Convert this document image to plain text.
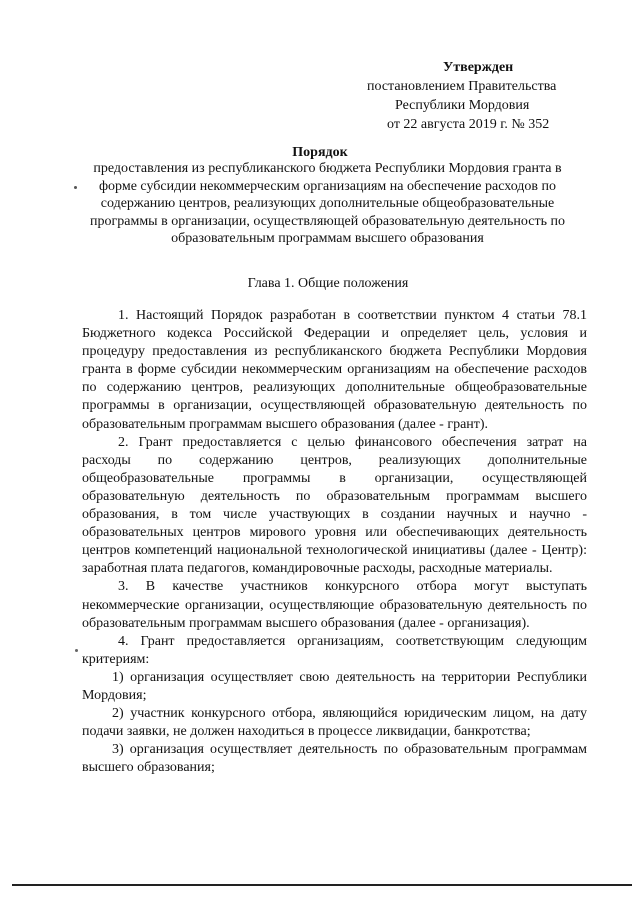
Утвержден
постановлением Правительства
Республики Мордовия
от 22 августа 2019 г. № 352
Порядок
предоставления из республиканского бюджета Республики Мордовия гранта в форме субсидии некоммерческим организациям на обеспечение расходов по содержанию центров, реализующих дополнительные общеобразовательные программы в организации, осуществляющей образовательную деятельность по образовательным программам высшего образования
Глава 1. Общие положения

1. Настоящий Порядок разработан в соответствии пунктом 4 статьи 78.1 Бюджетного кодекса Российской Федерации и определяет цель, условия и процедуру предоставления из республиканского бюджета Республики Мордовия гранта в форме субсидии некоммерческим организациям на обеспечение расходов по содержанию центров, реализующих дополнительные общеобразовательные программы в организации, осуществляющей образовательную деятельность по образовательным программам высшего образования (далее - грант).

2. Грант предоставляется с целью финансового обеспечения затрат на расходы по содержанию центров, реализующих дополнительные общеобразовательные программы в организации, осуществляющей образовательную деятельность по образовательным программам высшего образования, в том числе участвующих в создании научных и научно - образовательных центров мирового уровня или обеспечивающих деятельность центров компетенций национальной технологической инициативы (далее - Центр): заработная плата педагогов, командировочные расходы, расходные материалы.

3. В качестве участников конкурсного отбора могут выступать некоммерческие организации, осуществляющие образовательную деятельность по образовательным программам высшего образования (далее - организация).

4. Грант предоставляется организациям, соответствующим следующим критериям:

1) организация осуществляет свою деятельность на территории Республики Мордовия;

2) участник конкурсного отбора, являющийся юридическим лицом, на дату подачи заявки, не должен находиться в процессе ликвидации, банкротства;

3) организация осуществляет деятельность по образовательным программам высшего образования;
